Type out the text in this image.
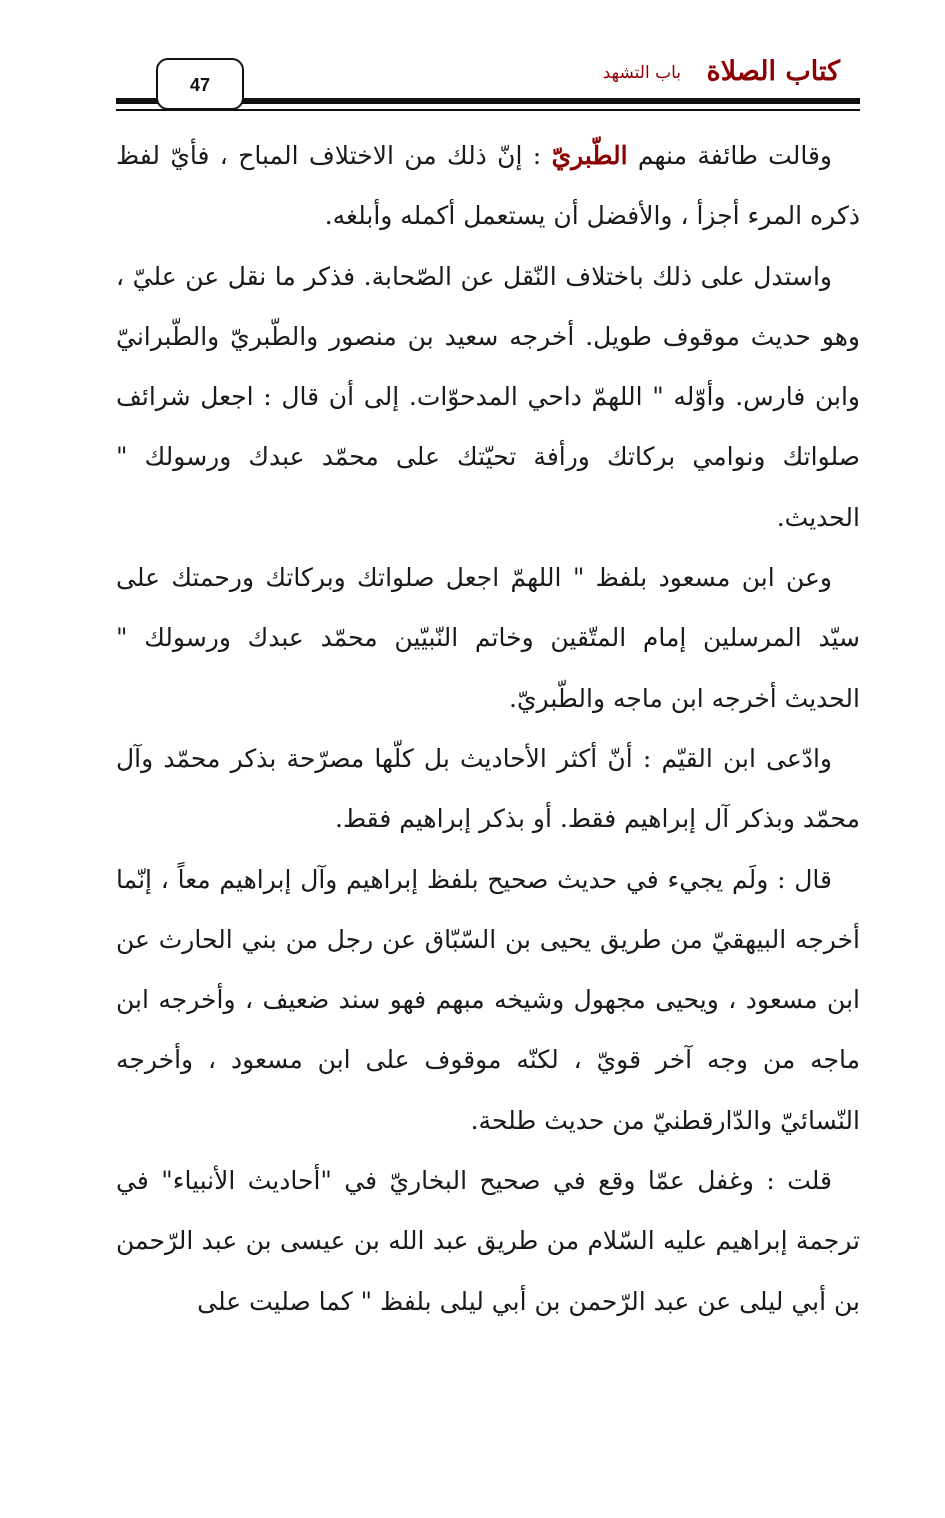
كتاب الصلاة
باب التشهد
47

وقالت طائفة منهم الطّبريّ : إنّ ذلك من الاختلاف المباح ، فأيّ لفظ ذكره المرء أجزأ ، والأفضل أن يستعمل أكمله وأبلغه.

واستدل على ذلك باختلاف النّقل عن الصّحابة. فذكر ما نقل عن عليّ ، وهو حديث موقوف طويل. أخرجه سعيد بن منصور والطّبريّ والطّبرانيّ وابن فارس. وأوّله " اللهمّ داحي المدحوّات. إلى أن قال : اجعل شرائف صلواتك ونوامي بركاتك ورأفة تحيّتك على محمّد عبدك ورسولك " الحديث.

وعن ابن مسعود بلفظ " اللهمّ اجعل صلواتك وبركاتك ورحمتك على سيّد المرسلين إمام المتّقين وخاتم النّبيّين محمّد عبدك ورسولك " الحديث أخرجه ابن ماجه والطّبريّ.

وادّعى ابن القيّم : أنّ أكثر الأحاديث بل كلّها مصرّحة بذكر محمّد وآل محمّد وبذكر آل إبراهيم فقط. أو بذكر إبراهيم فقط.

قال : ولَم يجيء في حديث صحيح بلفظ إبراهيم وآل إبراهيم معاً ، إنّما أخرجه البيهقيّ من طريق يحيى بن السّبّاق عن رجل من بني الحارث عن ابن مسعود ، ويحيى مجهول وشيخه مبهم فهو سند ضعيف ، وأخرجه ابن ماجه من وجه آخر قويّ ، لكنّه موقوف على ابن مسعود ، وأخرجه النّسائيّ والدّارقطنيّ من حديث طلحة.

قلت : وغفل عمّا وقع في صحيح البخاريّ في "أحاديث الأنبياء" في ترجمة إبراهيم عليه السّلام من طريق عبد الله بن عيسى بن عبد الرّحمن بن أبي ليلى عن عبد الرّحمن بن أبي ليلى بلفظ " كما صليت على
